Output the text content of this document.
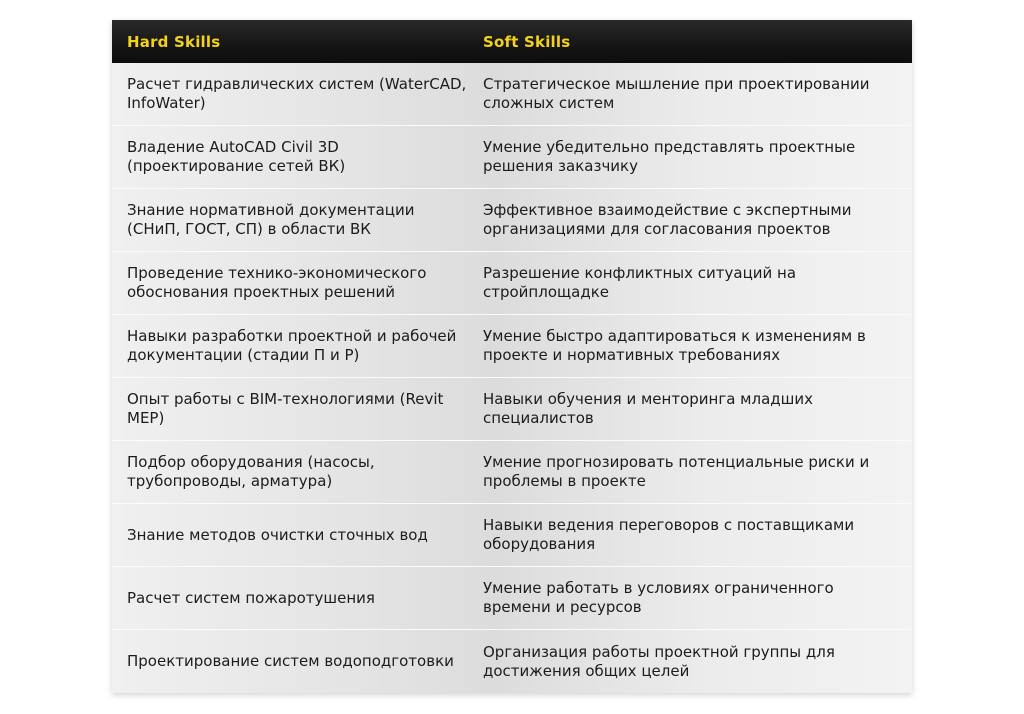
Hard Skills	Soft Skills
Расчет гидравлических систем (WaterCAD, InfoWater)
Стратегическое мышление при проектировании сложных систем
Владение AutoCAD Civil 3D (проектирование сетей ВК)
Умение убедительно представлять проектные решения заказчику
Знание нормативной документации (СНиП, ГОСТ, СП) в области ВК
Эффективное взаимодействие с экспертными организациями для согласования проектов
Проведение технико-экономического обоснования проектных решений
Разрешение конфликтных ситуаций на стройплощадке
Навыки разработки проектной и рабочей документации (стадии П и Р)
Умение быстро адаптироваться к изменениям в проекте и нормативных требованиях
Опыт работы с BIM-технологиями (Revit MEP)
Навыки обучения и менторинга младших специалистов
Подбор оборудования (насосы, трубопроводы, арматура)
Умение прогнозировать потенциальные риски и проблемы в проекте
Знание методов очистки сточных вод
Навыки ведения переговоров с поставщиками оборудования
Расчет систем пожаротушения
Умение работать в условиях ограниченного времени и ресурсов
Проектирование систем водоподготовки
Организация работы проектной группы для достижения общих целей
